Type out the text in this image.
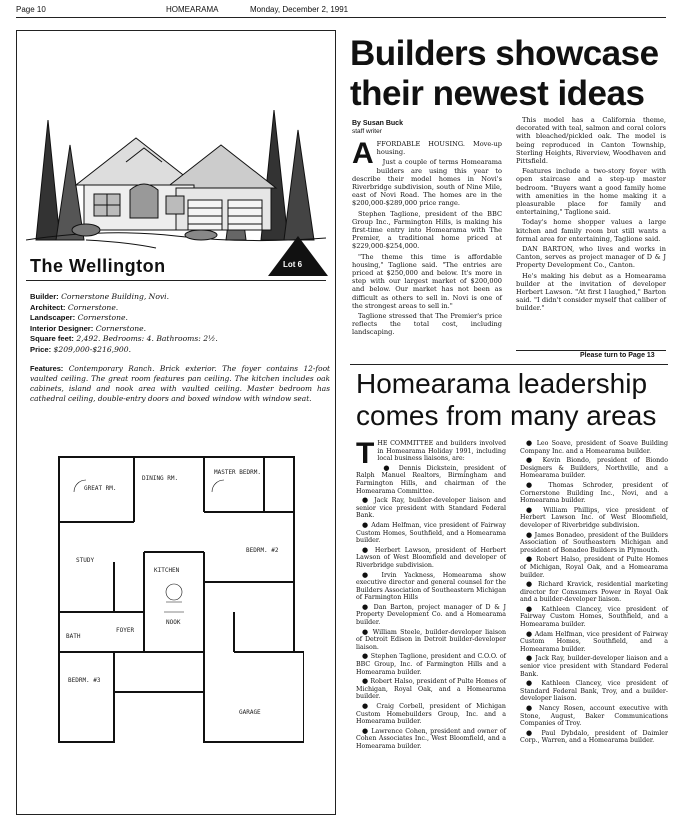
Page 10	HOMEARAMA	Monday, December 2, 1991
The Wellington	Lot 6
Builder: Cornerstone Building, Novi.
Architect: Cornerstone.
Landscaper: Cornerstone.
Interior Designer: Cornerstone.
Square feet: 2,492. Bedrooms: 4. Bathrooms: 2½.
Price: $209,000-$216,900.
Features: Contemporary Ranch. Brick exterior. The foyer contains 12-foot vaulted ceiling. The great room features pan ceiling. The kitchen includes oak cabinets, island and nook area with vaulted ceiling. Master bedroom has cathedral ceiling, double-entry doors and boxed window with window seat.
GREAT RM.
DINING RM.
MASTER BEDRM.
STUDY
KITCHEN
BEDRM. #2
NOOK
FOYER
BATH
BEDRM. #3
GARAGE
Builders showcase
their newest ideas
By Susan Buck
staff writer

AFFORDABLE HOUSING. Move-up housing.

Just a couple of terms Homearama builders are using this year to describe their model homes in Novi's Riverbridge subdivision, south of Nine Mile, east of Novi Road. The homes are in the $200,000-$289,000 price range.

Stephen Taglione, president of the BBC Group Inc., Farmington Hills, is making his first-time entry into Homearama with The Premier, a traditional home priced at $229,000-$254,000.

"The theme this time is affordable housing," Taglione said. "The entries are priced at $250,000 and below. It's more in step with our largest market of $200,000 and below. Our market has not been as difficult as others to sell in. Novi is one of the strongest areas to sell in."

Taglione stressed that The Premier's price reflects the total cost, including landscaping.

This model has a California theme, decorated with teal, salmon and coral colors with bleached/pickled oak. The model is being reproduced in Canton Township, Sterling Heights, Riverview, Woodhaven and Pittsfield.

Features include a two-story foyer with open staircase and a step-up master bedroom. "Buyers want a good family home with amenities in the home making it a pleasurable place for family and entertaining," Taglione said.

Today's home shopper values a large kitchen and family room but still wants a formal area for entertaining, Taglione said.

DAN BARTON, who lives and works in Canton, serves as project manager of D & J Property Development Co., Canton.

He's making his debut as a Homearama builder at the invitation of developer Herbert Lawson. "At first I laughed," Barton said. "I didn't consider myself that caliber of builder."

Please turn to Page 13
Homearama leadership
comes from many areas

THE COMMITTEE and builders involved in Homearama Holiday 1991, including local business liaisons, are:

● Dennis Dickstein, president of Ralph Manuel Realtors, Birmingham and Farmington Hills, and chairman of the Homearama Committee.

● Jack Ray, builder-developer liaison and senior vice president with Standard Federal Bank.

● Adam Helfman, vice president of Fairway Custom Homes, Southfield, and a Homearama builder.

● Herbert Lawson, president of Herbert Lawson of West Bloomfield and developer of Riverbridge subdivision.

● Irvin Yackness, Homearama show executive director and general counsel for the Builders Association of Southeastern Michigan of Farmington Hills

● Dan Barton, project manager of D & J Property Development Co. and a Homearama builder.

● William Steele, builder-developer liaison of Detroit Edison in Detroit builder-developer liaison.

● Stephen Taglione, president and C.O.O. of BBC Group, Inc. of Farmington Hills and a Homearama builder.

● Robert Halso, president of Pulte Homes of Michigan, Royal Oak, and a Homearama builder.

● Craig Corbell, president of Michigan Custom Homebuilders Group, Inc. and a Homearama builder.

● Lawrence Cohen, president and owner of Cohen Associates Inc., West Bloomfield, and a Homearama builder.

● Leo Soave, president of Soave Building Company Inc. and a Homearama builder.

● Kevin Biondo, president of Biondo Designers & Builders, Northville, and a Homearama builder.

● Thomas Schroder, president of Cornerstone Building Inc., Novi, and a Homearama builder.

● William Phillips, vice president of Herbert Lawson Inc. of West Bloomfield, developer of Riverbridge subdivision.

● James Bonadeo, president of the Builders Association of Southeastern Michigan and president of Bonadeo Builders in Plymouth.

● Robert Halso, president of Pulte Homes of Michigan, Royal Oak, and a Homearama builder.

● Richard Kravick, residential marketing director for Consumers Power in Royal Oak and a builder-developer liaison.

● Kathleen Clancey, vice president of Fairway Custom Homes, Southfield, and a Homearama builder.

● Adam Helfman, vice president of Fairway Custom Homes, Southfield, and a Homearama builder.

● Jack Ray, builder-developer liaison and a senior vice president with Standard Federal Bank.

● Kathleen Clancey, vice president of Standard Federal Bank, Troy, and a builder-developer liaison.

● Nancy Rosen, account executive with Stone, August, Baker Communications Companies of Troy.

● Paul Dybdalo, president of Daimler Corp., Warren, and a Homearama builder.
